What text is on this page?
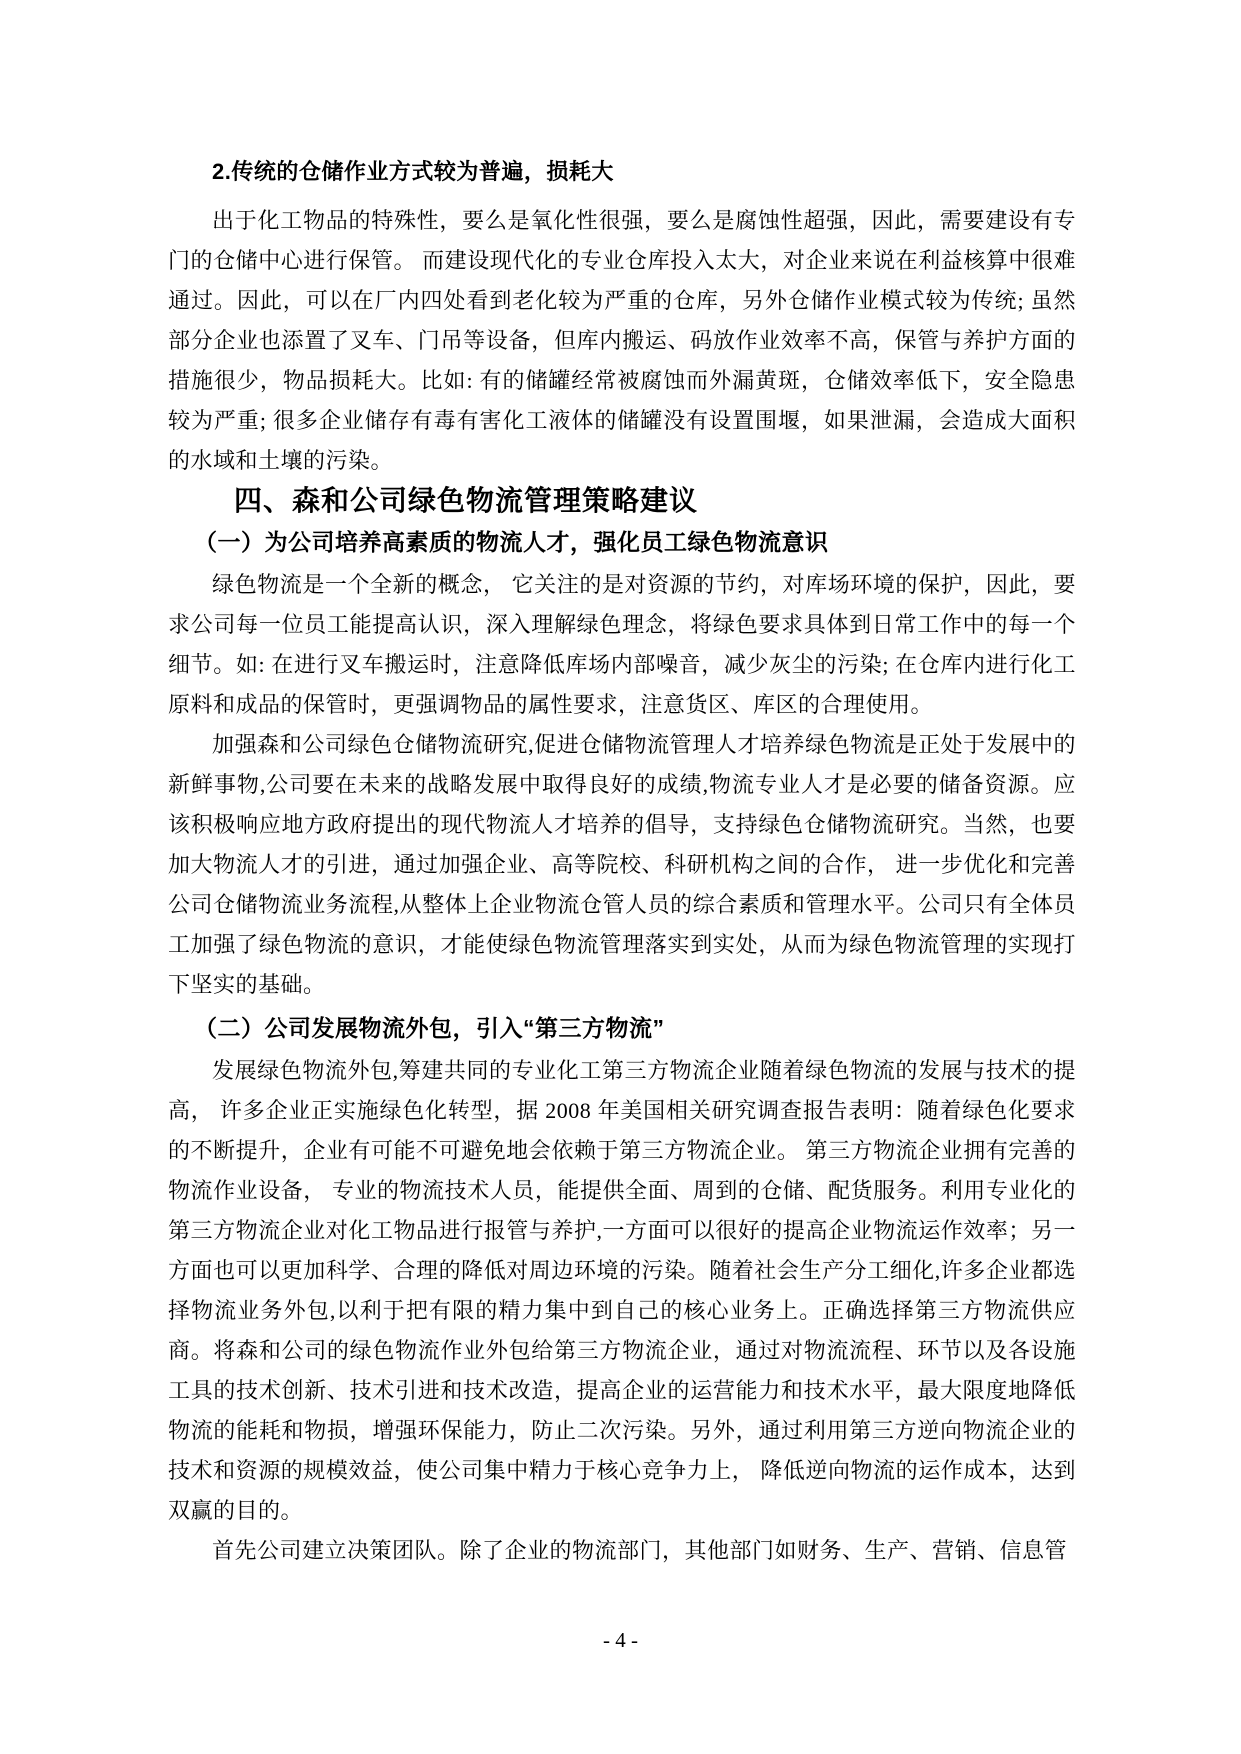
2.传统的仓储作业方式较为普遍，损耗大

出于化工物品的特殊性，要么是氧化性很强，要么是腐蚀性超强，因此，需要建设有专门的仓储中心进行保管。 而建设现代化的专业仓库投入太大，对企业来说在利益核算中很难通过。因此，可以在厂内四处看到老化较为严重的仓库，另外仓储作业模式较为传统; 虽然部分企业也添置了叉车、门吊等设备，但库内搬运、码放作业效率不高，保管与养护方面的措施很少，物品损耗大。比如: 有的储罐经常被腐蚀而外漏黄斑，仓储效率低下，安全隐患较为严重; 很多企业储存有毒有害化工液体的储罐没有设置围堰，如果泄漏，会造成大面积的水域和土壤的污染。

四、森和公司绿色物流管理策略建议
（一）为公司培养高素质的物流人才，强化员工绿色物流意识

绿色物流是一个全新的概念， 它关注的是对资源的节约，对库场环境的保护，因此，要求公司每一位员工能提高认识，深入理解绿色理念，将绿色要求具体到日常工作中的每一个细节。如: 在进行叉车搬运时，注意降低库场内部噪音，减少灰尘的污染; 在仓库内进行化工原料和成品的保管时，更强调物品的属性要求，注意货区、库区的合理使用。

加强森和公司绿色仓储物流研究,促进仓储物流管理人才培养绿色物流是正处于发展中的新鲜事物,公司要在未来的战略发展中取得良好的成绩,物流专业人才是必要的储备资源。应该积极响应地方政府提出的现代物流人才培养的倡导，支持绿色仓储物流研究。当然，也要加大物流人才的引进，通过加强企业、高等院校、科研机构之间的合作， 进一步优化和完善公司仓储物流业务流程,从整体上企业物流仓管人员的综合素质和管理水平。公司只有全体员工加强了绿色物流的意识，才能使绿色物流管理落实到实处，从而为绿色物流管理的实现打下坚实的基础。

（二）公司发展物流外包，引入“第三方物流”

发展绿色物流外包,筹建共同的专业化工第三方物流企业随着绿色物流的发展与技术的提高， 许多企业正实施绿色化转型，据 2008 年美国相关研究调查报告表明：随着绿色化要求的不断提升，企业有可能不可避免地会依赖于第三方物流企业。 第三方物流企业拥有完善的物流作业设备， 专业的物流技术人员，能提供全面、周到的仓储、配货服务。利用专业化的第三方物流企业对化工物品进行报管与养护,一方面可以很好的提高企业物流运作效率；另一方面也可以更加科学、合理的降低对周边环境的污染。随着社会生产分工细化,许多企业都选择物流业务外包,以利于把有限的精力集中到自己的核心业务上。正确选择第三方物流供应商。将森和公司的绿色物流作业外包给第三方物流企业，通过对物流流程、环节以及各设施工具的技术创新、技术引进和技术改造，提高企业的运营能力和技术水平，最大限度地降低物流的能耗和物损，增强环保能力，防止二次污染。另外，通过利用第三方逆向物流企业的技术和资源的规模效益，使公司集中精力于核心竞争力上， 降低逆向物流的运作成本，达到双赢的目的。

首先公司建立决策团队。除了企业的物流部门，其他部门如财务、生产、营销、信息管

- 4 -
